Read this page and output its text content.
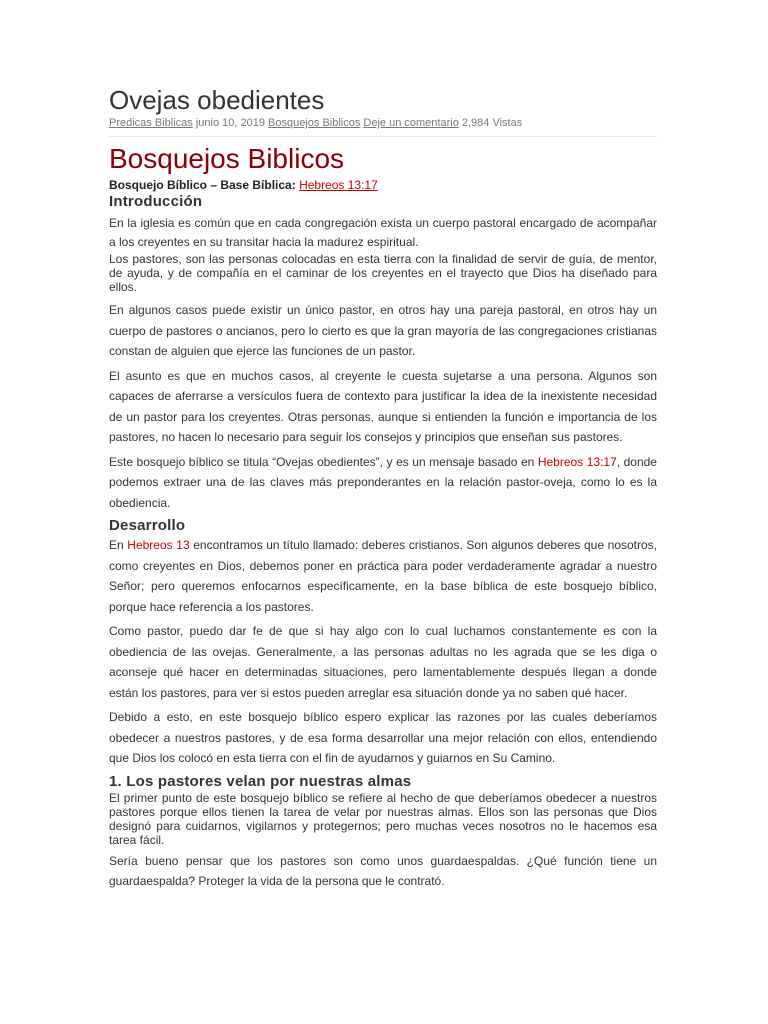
Ovejas obedientes
Predicas Biblicas junio 10, 2019 Bosquejos Biblicos Deje un comentario 2,984 Vistas
Bosquejos Biblicos
Bosquejo Bíblico – Base Bíblica: Hebreos 13:17
Introducción

En la iglesia es común que en cada congregación exista un cuerpo pastoral encargado de acompañar a los creyentes en su transitar hacia la madurez espiritual.

Los pastores, son las personas colocadas en esta tierra con la finalidad de servir de guía, de mentor, de ayuda, y de compañía en el caminar de los creyentes en el trayecto que Dios ha diseñado para ellos.

En algunos casos puede existir un único pastor, en otros hay una pareja pastoral, en otros hay un cuerpo de pastores o ancianos, pero lo cierto es que la gran mayoría de las congregaciones cristianas constan de alguien que ejerce las funciones de un pastor.

El asunto es que en muchos casos, al creyente le cuesta sujetarse a una persona. Algunos son capaces de aferrarse a versículos fuera de contexto para justificar la idea de la inexistente necesidad de un pastor para los creyentes. Otras personas, aunque si entienden la función e importancia de los pastores, no hacen lo necesario para seguir los consejos y principios que enseñan sus pastores.

Este bosquejo bíblico se titula “Ovejas obedientes”, y es un mensaje basado en Hebreos 13:17, donde podemos extraer una de las claves más preponderantes en la relación pastor-oveja, como lo es la obediencia.

Desarrollo

En Hebreos 13 encontramos un título llamado: deberes cristianos. Son algunos deberes que nosotros, como creyentes en Dios, debemos poner en práctica para poder verdaderamente agradar a nuestro Señor; pero queremos enfocarnos específicamente, en la base bíblica de este bosquejo bíblico, porque hace referencia a los pastores.

Como pastor, puedo dar fe de que si hay algo con lo cual luchamos constantemente es con la obediencia de las ovejas. Generalmente, a las personas adultas no les agrada que se les diga o aconseje qué hacer en determinadas situaciones, pero lamentablemente después llegan a donde están los pastores, para ver si estos pueden arreglar esa situación donde ya no saben qué hacer.

Debido a esto, en este bosquejo bíblico espero explicar las razones por las cuales deberíamos obedecer a nuestros pastores, y de esa forma desarrollar una mejor relación con ellos, entendiendo que Dios los colocó en esta tierra con el fin de ayudarnos y guiarnos en Su Camino.

1. Los pastores velan por nuestras almas

El primer punto de este bosquejo bíblico se refiere al hecho de que deberíamos obedecer a nuestros pastores porque ellos tienen la tarea de velar por nuestras almas. Ellos son las personas que Dios designó para cuidarnos, vigilarnos y protegernos; pero muchas veces nosotros no le hacemos esa tarea fácil.

Sería bueno pensar que los pastores son como unos guardaespaldas. ¿Qué función tiene un guardaespalda? Proteger la vida de la persona que le contrató.
